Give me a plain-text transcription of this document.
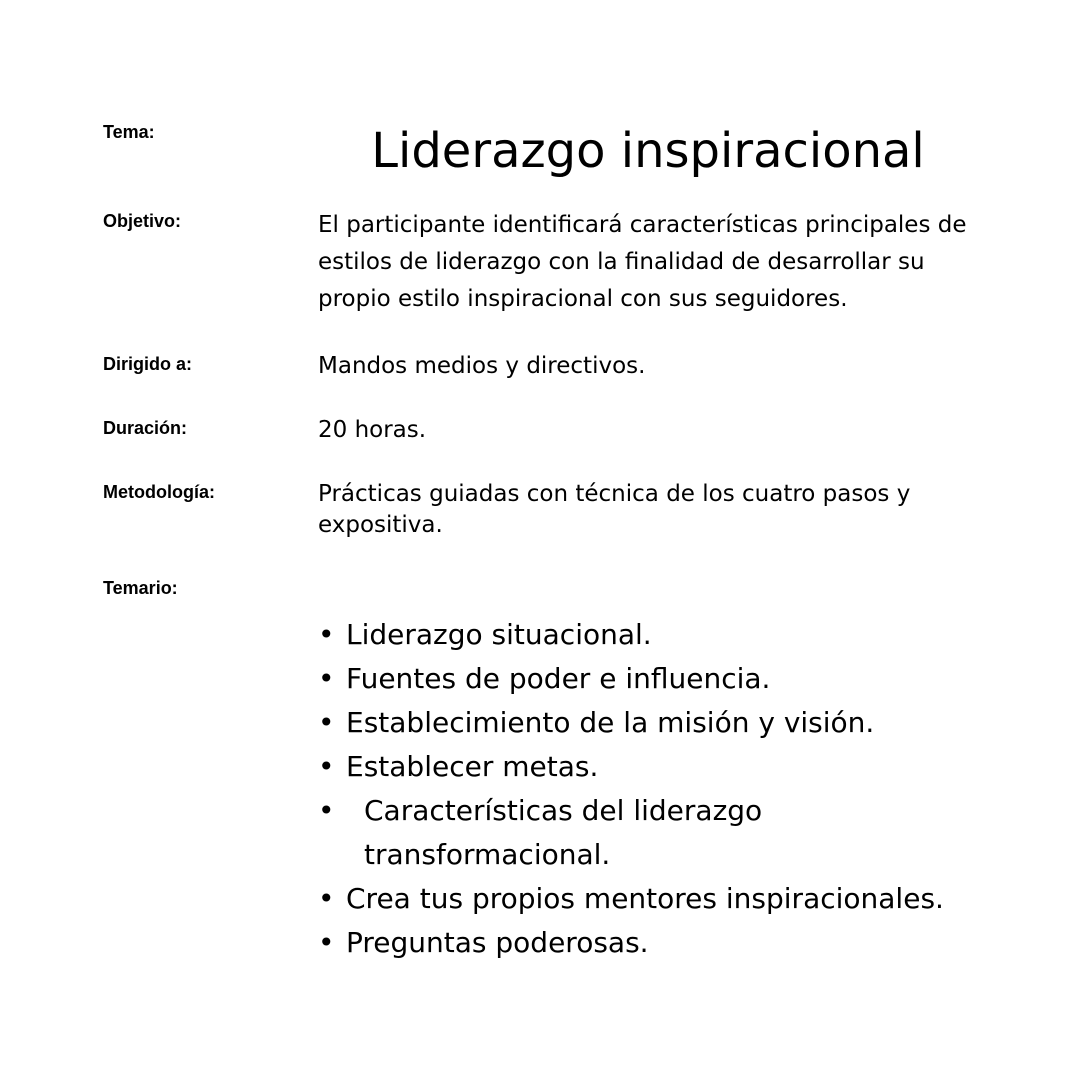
Tema:	Liderazgo inspiracional
Objetivo:	El participante identificará características principales de estilos de liderazgo con la finalidad de desarrollar su propio estilo inspiracional con sus seguidores.
Dirigido a:	Mandos medios y directivos.
Duración:	20 horas.
Metodología:	Prácticas guiadas con técnica de los cuatro pasos y expositiva.
Temario:
• Liderazgo situacional.
• Fuentes de poder e influencia.
• Establecimiento de la misión y visión.
• Establecer metas.
• Características del liderazgo transformacional.
• Crea tus propios mentores inspiracionales.
• Preguntas poderosas.
